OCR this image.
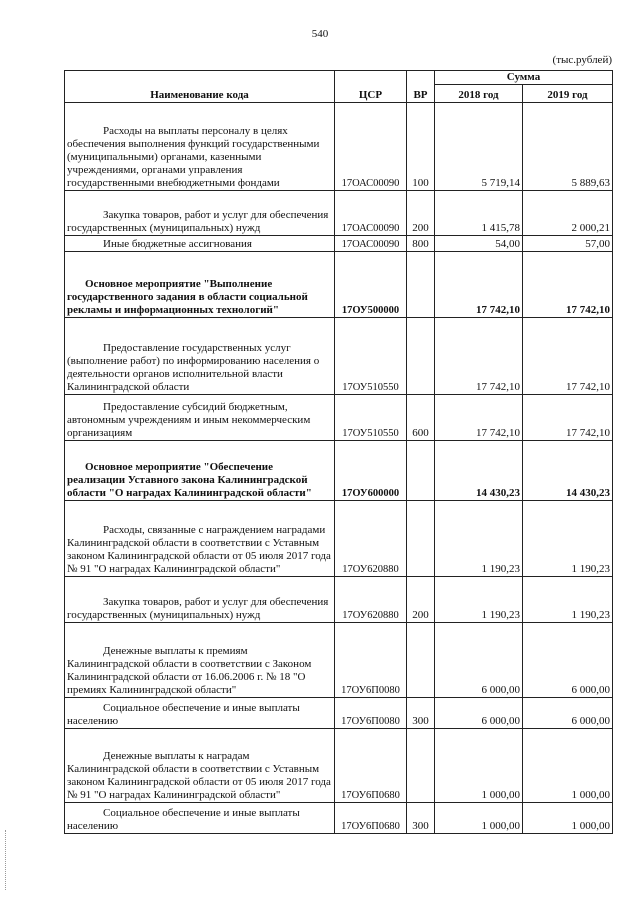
540
(тыс.рублей)
Наименование кода	ЦСР	ВР	Сумма	
			2018 год	2019 год

Расходы на выплаты персоналу в целях обеспечения выполнения функций государственными (муниципальными) органами, казенными учреждениями, органами управления государственными внебюджетными фондами	17ОАС00090	100	5 719,14	5 889,63

Закупка товаров, работ и услуг для обеспечения государственных (муниципальных) нужд	17ОАС00090	200	1 415,78	2 000,21

Иные бюджетные ассигнования	17ОАС00090	800	54,00	57,00

Основное мероприятие "Выполнение государственного задания в области социальной рекламы и информационных технологий"	17ОУ500000		17 742,10	17 742,10

Предоставление государственных услуг (выполнение работ) по информированию населения о деятельности органов исполнительной власти Калининградской области	17ОУ510550		17 742,10	17 742,10

Предоставление субсидий бюджетным, автономным учреждениям и иным некоммерческим организациям	17ОУ510550	600	17 742,10	17 742,10

Основное мероприятие "Обеспечение реализации Уставного закона Калининградской области "О наградах Калининградской области"	17ОУ600000		14 430,23	14 430,23

Расходы, связанные с награждением наградами Калининградской области в соответствии с Уставным законом Калининградской области от 05 июля 2017 года № 91 "О наградах Калининградской области"	17ОУ620880		1 190,23	1 190,23

Закупка товаров, работ и услуг для обеспечения государственных (муниципальных) нужд	17ОУ620880	200	1 190,23	1 190,23

Денежные выплаты к премиям Калининградской области в соответствии с Законом Калининградской области от 16.06.2006 г. № 18 "О премиях Калининградской области"	17ОУ6П0080		6 000,00	6 000,00

Социальное обеспечение и иные выплаты населению	17ОУ6П0080	300	6 000,00	6 000,00

Денежные выплаты к наградам Калининградской области в соответствии с Уставным законом Калининградской области от 05 июля 2017 года № 91 "О наградах Калининградской области"	17ОУ6П0680		1 000,00	1 000,00

Социальное обеспечение и иные выплаты населению	17ОУ6П0680	300	1 000,00	1 000,00
